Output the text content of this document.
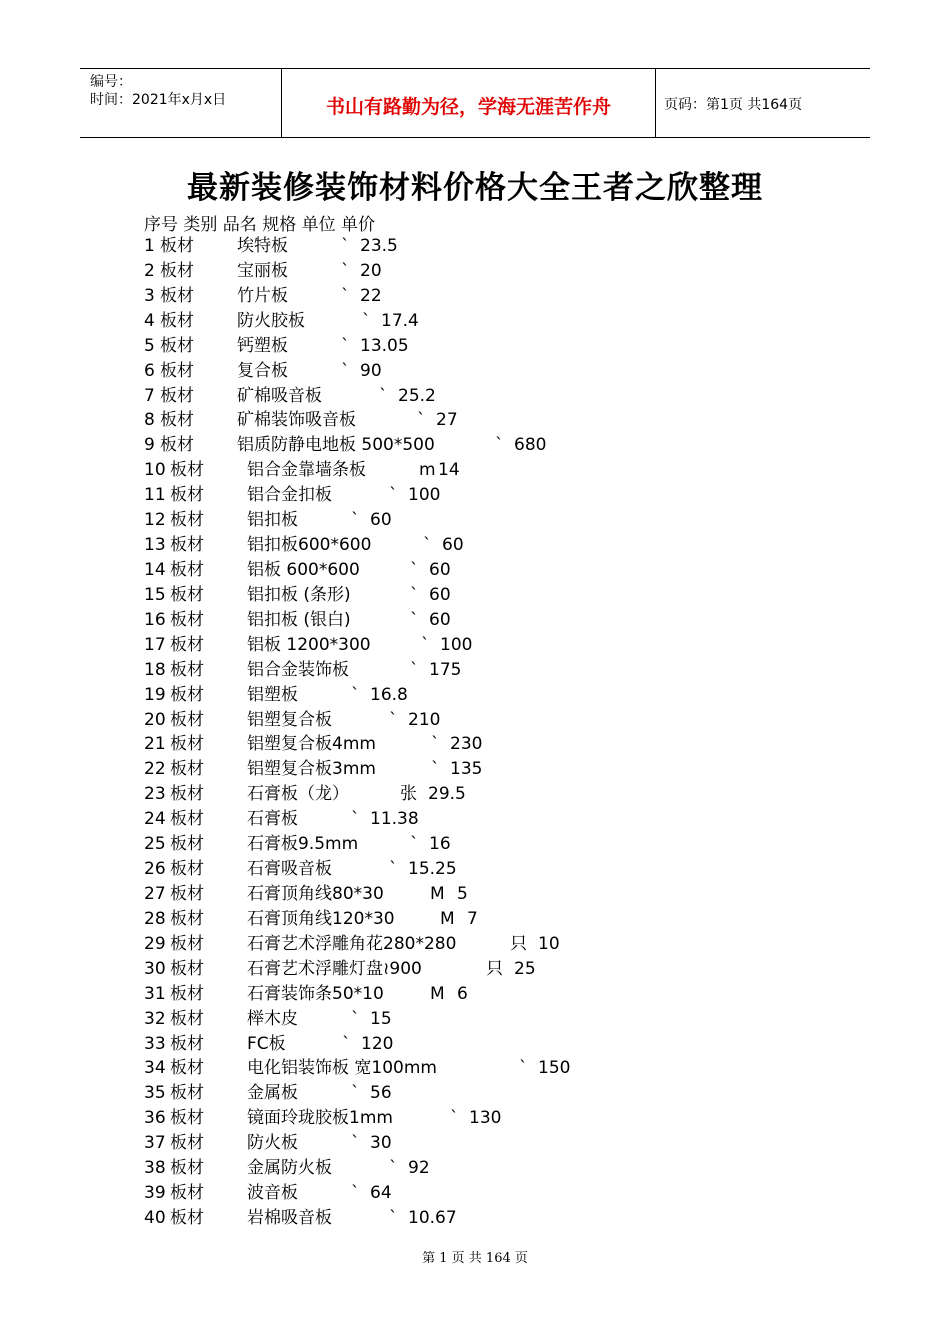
编号：
时间：2021年x月x日	书山有路勤为径，学海无涯苦作舟	页码：第1页 共164页
最新装修装饰材料价格大全王者之欣整理
序号 类别 品名 规格 单位 单价
1 板材	埃特板	` 23.5
2 板材	宝丽板	` 20
3 板材	竹片板	` 22
4 板材	防火胶板	` 17.4
5 板材	钙塑板	` 13.05
6 板材	复合板	` 90
7 板材	矿棉吸音板	` 25.2
8 板材	矿棉装饰吸音板	` 27
9 板材	铝质防静电地板 500*500	` 680
10 板材	铝合金靠墙条板	m 14
11 板材	铝合金扣板	` 100
12 板材	铝扣板	` 60
13 板材	铝扣板600*600	` 60
14 板材	铝板 600*600	` 60
15 板材	铝扣板 (条形)	` 60
16 板材	铝扣板 (银白)	` 60
17 板材	铝板 1200*300	` 100
18 板材	铝合金装饰板	` 175
19 板材	铝塑板	` 16.8
20 板材	铝塑复合板	` 210
21 板材	铝塑复合板4mm	` 230
22 板材	铝塑复合板3mm	` 135
23 板材	石膏板（龙）	张 29.5
24 板材	石膏板	` 11.38
25 板材	石膏板9.5mm	` 16
26 板材	石膏吸音板	` 15.25
27 板材	石膏顶角线80*30	M 5
28 板材	石膏顶角线120*30	M 7
29 板材	石膏艺术浮雕角花280*280	只 10
30 板材	石膏艺术浮雕灯盘≀900	只 25
31 板材	石膏装饰条50*10	M 6
32 板材	榉木皮	` 15
33 板材	FC板	` 120
34 板材	电化铝装饰板 宽100mm	` 150
35 板材	金属板	` 56
36 板材	镜面玲珑胶板1mm	` 130
37 板材	防火板	` 30
38 板材	金属防火板	` 92
39 板材	波音板	` 64
40 板材	岩棉吸音板	` 10.67
第 1 页 共 164 页
